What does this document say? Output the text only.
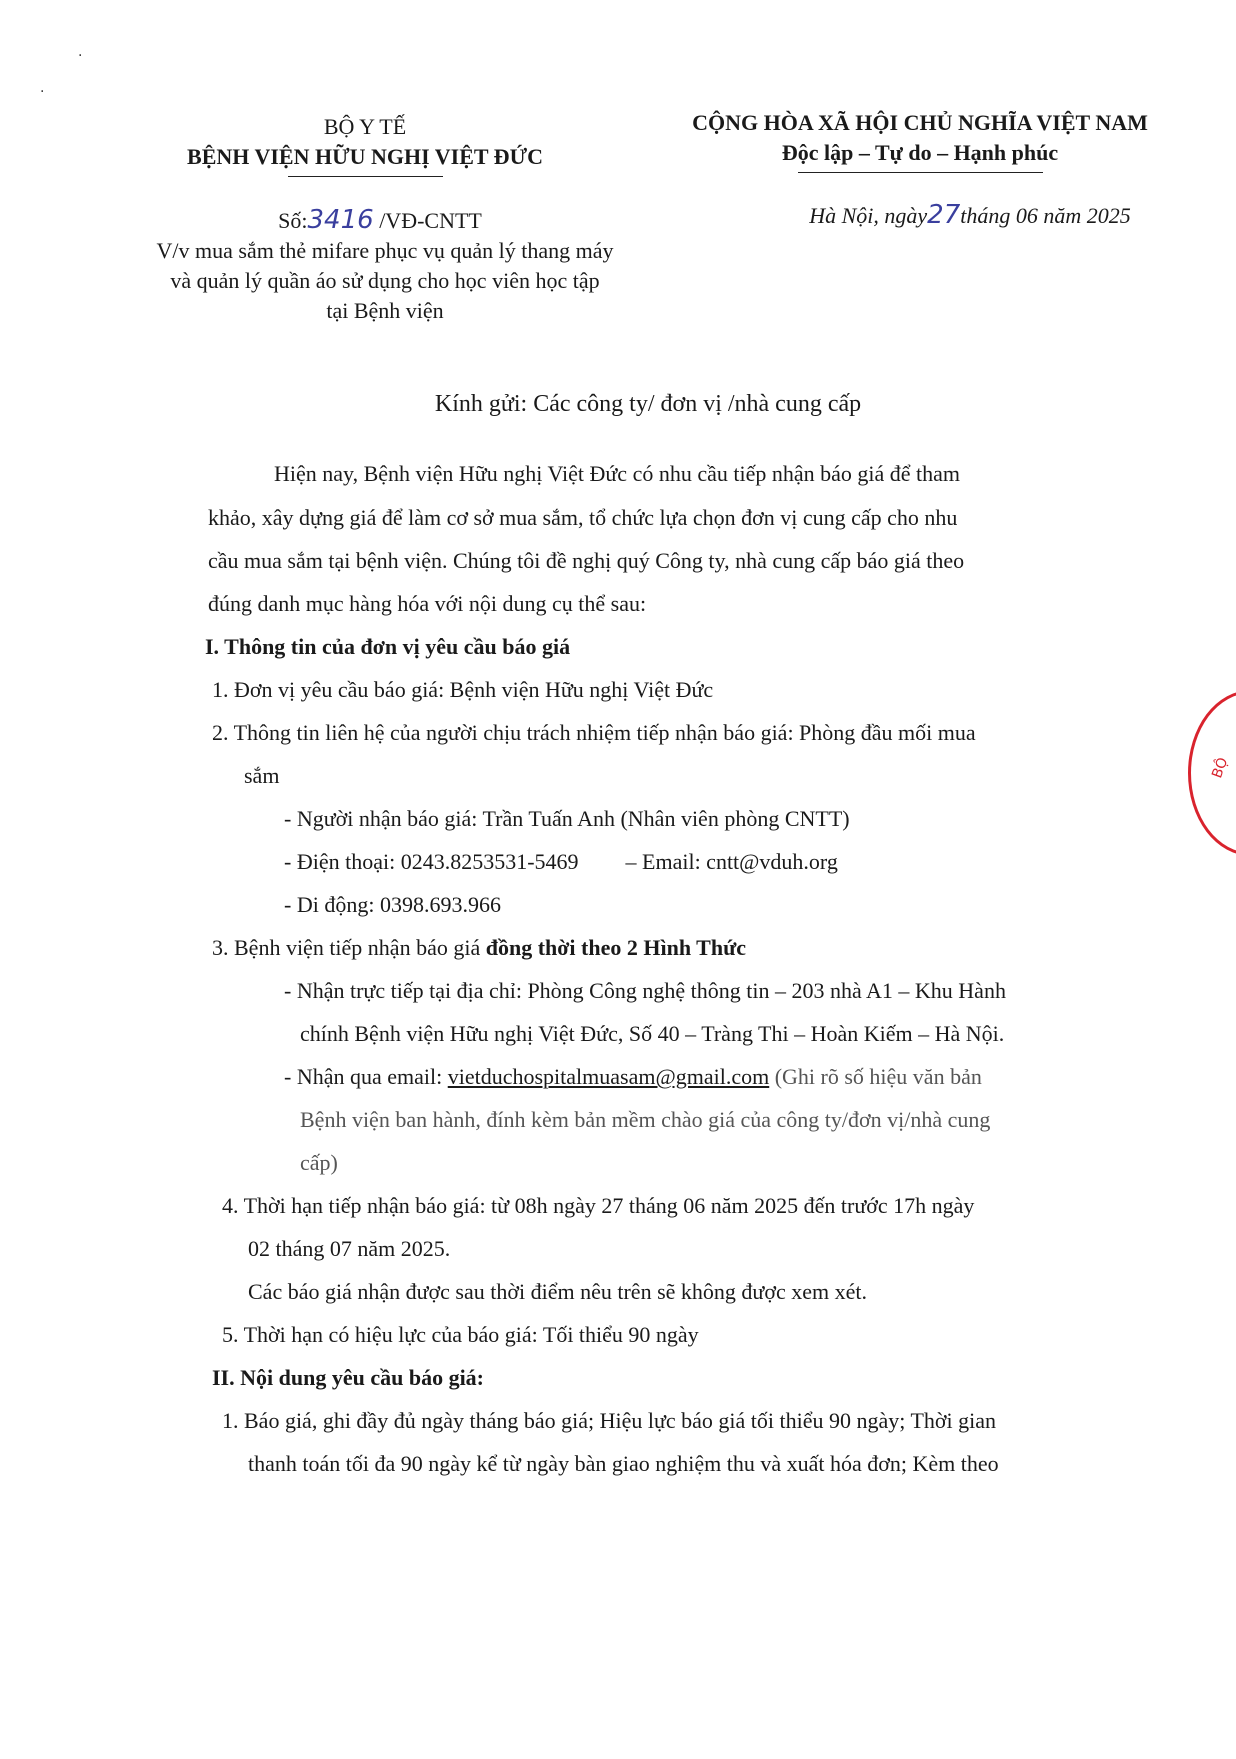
·
·
BỘ Y TẾ
BỆNH VIỆN HỮU NGHỊ VIỆT ĐỨC
CỘNG HÒA XÃ HỘI CHỦ NGHĨA VIỆT NAM
Độc lập – Tự do – Hạnh phúc
Số:3416 /VĐ-CNTT
V/v mua sắm thẻ mifare phục vụ quản lý thang máy
và quản lý quần áo sử dụng cho học viên học tập
tại Bệnh viện
Hà Nội, ngày27tháng 06 năm 2025
Kính gửi: Các công ty/ đơn vị /nhà cung cấp

Hiện nay, Bệnh viện Hữu nghị Việt Đức có nhu cầu tiếp nhận báo giá để tham

khảo, xây dựng giá để làm cơ sở mua sắm, tổ chức lựa chọn đơn vị cung cấp cho nhu

cầu mua sắm tại bệnh viện. Chúng tôi đề nghị quý Công ty, nhà cung cấp báo giá theo

đúng danh mục hàng hóa với nội dung cụ thể sau:

I. Thông tin của đơn vị yêu cầu báo giá

1. Đơn vị yêu cầu báo giá: Bệnh viện Hữu nghị Việt Đức

2. Thông tin liên hệ của người chịu trách nhiệm tiếp nhận báo giá: Phòng đầu mối mua

sắm

- Người nhận báo giá: Trần Tuấn Anh (Nhân viên phòng CNTT)

- Điện thoại: 0243.8253531-5469 – Email: cntt@vduh.org

- Di động: 0398.693.966

3. Bệnh viện tiếp nhận báo giá đồng thời theo 2 Hình Thức

- Nhận trực tiếp tại địa chỉ: Phòng Công nghệ thông tin – 203 nhà A1 – Khu Hành

chính Bệnh viện Hữu nghị Việt Đức, Số 40 – Tràng Thi – Hoàn Kiếm – Hà Nội.

- Nhận qua email: vietduchospitalmuasam@gmail.com (Ghi rõ số hiệu văn bản

Bệnh viện ban hành, đính kèm bản mềm chào giá của công ty/đơn vị/nhà cung

cấp)

4. Thời hạn tiếp nhận báo giá: từ 08h ngày 27 tháng 06 năm 2025 đến trước 17h ngày

02 tháng 07 năm 2025.

Các báo giá nhận được sau thời điểm nêu trên sẽ không được xem xét.

5. Thời hạn có hiệu lực của báo giá: Tối thiểu 90 ngày

II. Nội dung yêu cầu báo giá:

1. Báo giá, ghi đầy đủ ngày tháng báo giá; Hiệu lực báo giá tối thiểu 90 ngày; Thời gian

thanh toán tối đa 90 ngày kể từ ngày bàn giao nghiệm thu và xuất hóa đơn; Kèm theo

BỘ
